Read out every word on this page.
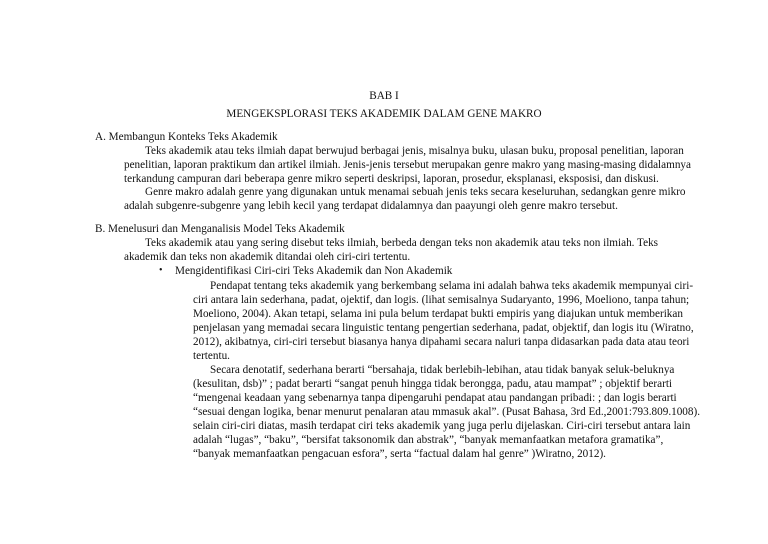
BAB I
MENGEKSPLORASI TEKS AKADEMIK DALAM GENE MAKRO
A. Membangun Konteks Teks Akademik
Teks akademik atau teks ilmiah dapat berwujud berbagai jenis, misalnya buku, ulasan buku, proposal penelitian, laporan
penelitian, laporan praktikum dan artikel ilmiah. Jenis-jenis tersebut merupakan genre makro yang masing-masing didalamnya
terkandung campuran dari beberapa genre mikro seperti deskripsi, laporan, prosedur, eksplanasi, eksposisi, dan diskusi.
Genre makro adalah genre yang digunakan untuk menamai sebuah jenis teks secara keseluruhan, sedangkan genre mikro
adalah subgenre-subgenre yang lebih kecil yang terdapat didalamnya dan paayungi oleh genre makro tersebut.
B. Menelusuri dan Menganalisis Model Teks Akademik
Teks akademik atau yang sering disebut teks ilmiah, berbeda dengan teks non akademik atau teks non ilmiah. Teks
akademik dan teks non akademik ditandai oleh ciri-ciri tertentu.
• Mengidentifikasi Ciri-ciri Teks Akademik dan Non Akademik
Pendapat tentang teks akademik yang berkembang selama ini adalah bahwa teks akademik mempunyai ciri-
ciri antara lain sederhana, padat, ojektif, dan logis. (lihat semisalnya Sudaryanto, 1996, Moeliono, tanpa tahun;
Moeliono, 2004). Akan tetapi, selama ini pula belum terdapat bukti empiris yang diajukan untuk memberikan
penjelasan yang memadai secara linguistic tentang pengertian sederhana, padat, objektif, dan logis itu (Wiratno,
2012), akibatnya, ciri-ciri tersebut biasanya hanya dipahami secara naluri tanpa didasarkan pada data atau teori
tertentu.
Secara denotatif, sederhana berarti “bersahaja, tidak berlebih-lebihan, atau tidak banyak seluk-beluknya
(kesulitan, dsb)” ; padat berarti “sangat penuh hingga tidak berongga, padu, atau mampat” ; objektif berarti
“mengenai keadaan yang sebenarnya tanpa dipengaruhi pendapat atau pandangan pribadi: ; dan logis berarti
“sesuai dengan logika, benar menurut penalaran atau mmasuk akal”. (Pusat Bahasa, 3rd Ed.,2001:793.809.1008).
selain ciri-ciri diatas, masih terdapat ciri teks akademik yang juga perlu dijelaskan. Ciri-ciri tersebut antara lain
adalah “lugas”, “baku”, “bersifat taksonomik dan abstrak”, “banyak memanfaatkan metafora gramatika”,
“banyak memanfaatkan pengacuan esfora”, serta “factual dalam hal genre” )Wiratno, 2012).
